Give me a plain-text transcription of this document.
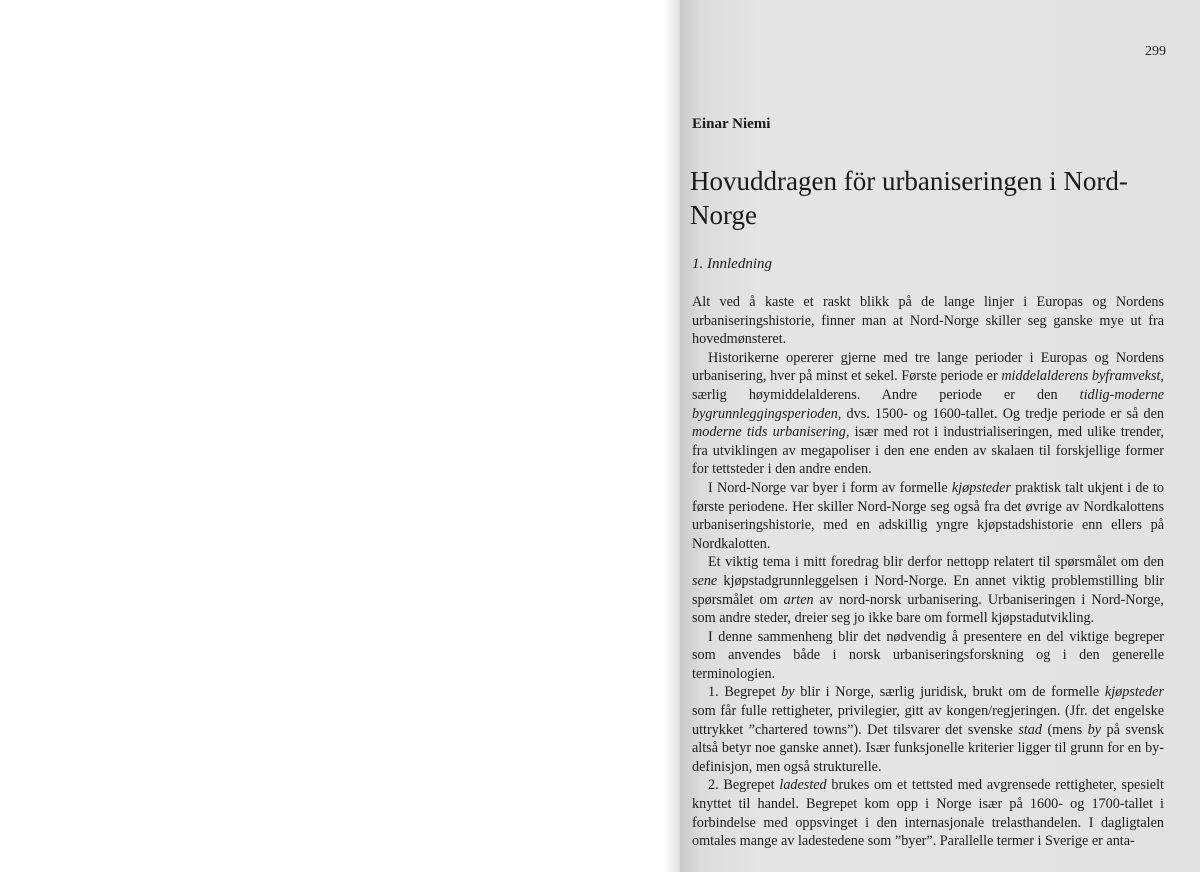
299
Einar Niemi
Hovuddragen för urbaniseringen i Nord-Norge
1. Innledning

Alt ved å kaste et raskt blikk på de lange linjer i Europas og Nordens urbaniseringshistorie, finner man at Nord-Norge skiller seg ganske mye ut fra hovedmønsteret.

Historikerne opererer gjerne med tre lange perioder i Europas og Nordens urbanisering, hver på minst et sekel. Første periode er middelalderens byframvekst, særlig høymiddelalderens. Andre periode er den tidlig-moderne bygrunnleggingsperioden, dvs. 1500- og 1600-tallet. Og tredje periode er så den moderne tids urbanisering, især med rot i industrialiseringen, med ulike trender, fra utviklingen av megapoliser i den ene enden av skalaen til forskjellige former for tettsteder i den andre enden.

I Nord-Norge var byer i form av formelle kjøpsteder praktisk talt ukjent i de to første periodene. Her skiller Nord-Norge seg også fra det øvrige av Nordkalottens urbaniseringshistorie, med en adskillig yngre kjøpstadshistorie enn ellers på Nordkalotten.

Et viktig tema i mitt foredrag blir derfor nettopp relatert til spørsmålet om den sene kjøpstadgrunnleggelsen i Nord-Norge. En annet viktig problemstilling blir spørsmålet om arten av nord-norsk urbanisering. Urbaniseringen i Nord-Norge, som andre steder, dreier seg jo ikke bare om formell kjøpstadutvikling.

I denne sammenheng blir det nødvendig å presentere en del viktige begreper som anvendes både i norsk urbaniseringsforskning og i den generelle terminologien.

1. Begrepet by blir i Norge, særlig juridisk, brukt om de formelle kjøpsteder som får fulle rettigheter, privilegier, gitt av kongen/regjeringen. (Jfr. det engelske uttrykket ”chartered towns”). Det tilsvarer det svenske stad (mens by på svensk altså betyr noe ganske annet). Især funksjonelle kriterier ligger til grunn for en by-definisjon, men også strukturelle.

2. Begrepet ladested brukes om et tettsted med avgrensede rettigheter, spesielt knyttet til handel. Begrepet kom opp i Norge især på 1600- og 1700-tallet i forbindelse med oppsvinget i den internasjonale trelasthandelen. I dagligtalen omtales mange av ladestedene som ”byer”. Parallelle termer i Sverige er anta-
